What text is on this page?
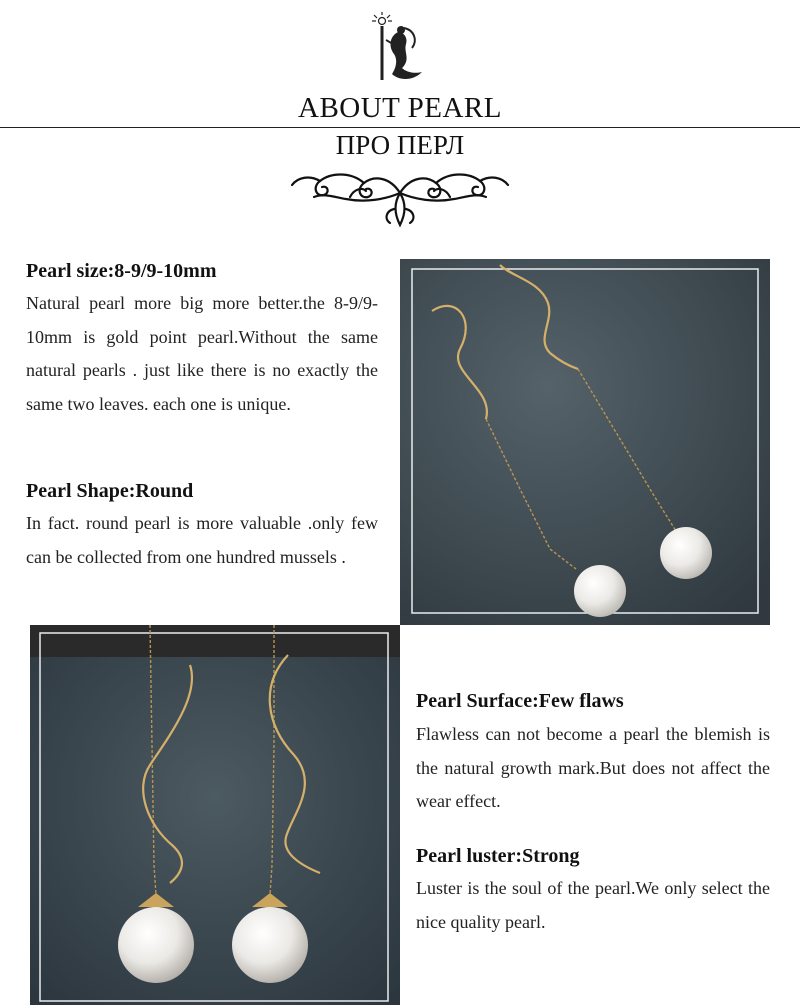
ABOUT PEARL
ПРО ПЕРЛ
Pearl size:8-9/9-10mm
Natural pearl more big more better.the 8-9/9-10mm is gold point pearl.Without the same natural pearls . just like there is no exactly the same two leaves. each one is unique.
Pearl Shape:Round
In fact. round pearl is more valuable .only few can be collected from one hundred mussels .
Pearl Surface:Few flaws
Flawless can not become a pearl the blemish is the natural growth mark.But does not affect the wear effect.
Pearl luster:Strong
Luster is the soul of the pearl.We only select the nice quality pearl.
